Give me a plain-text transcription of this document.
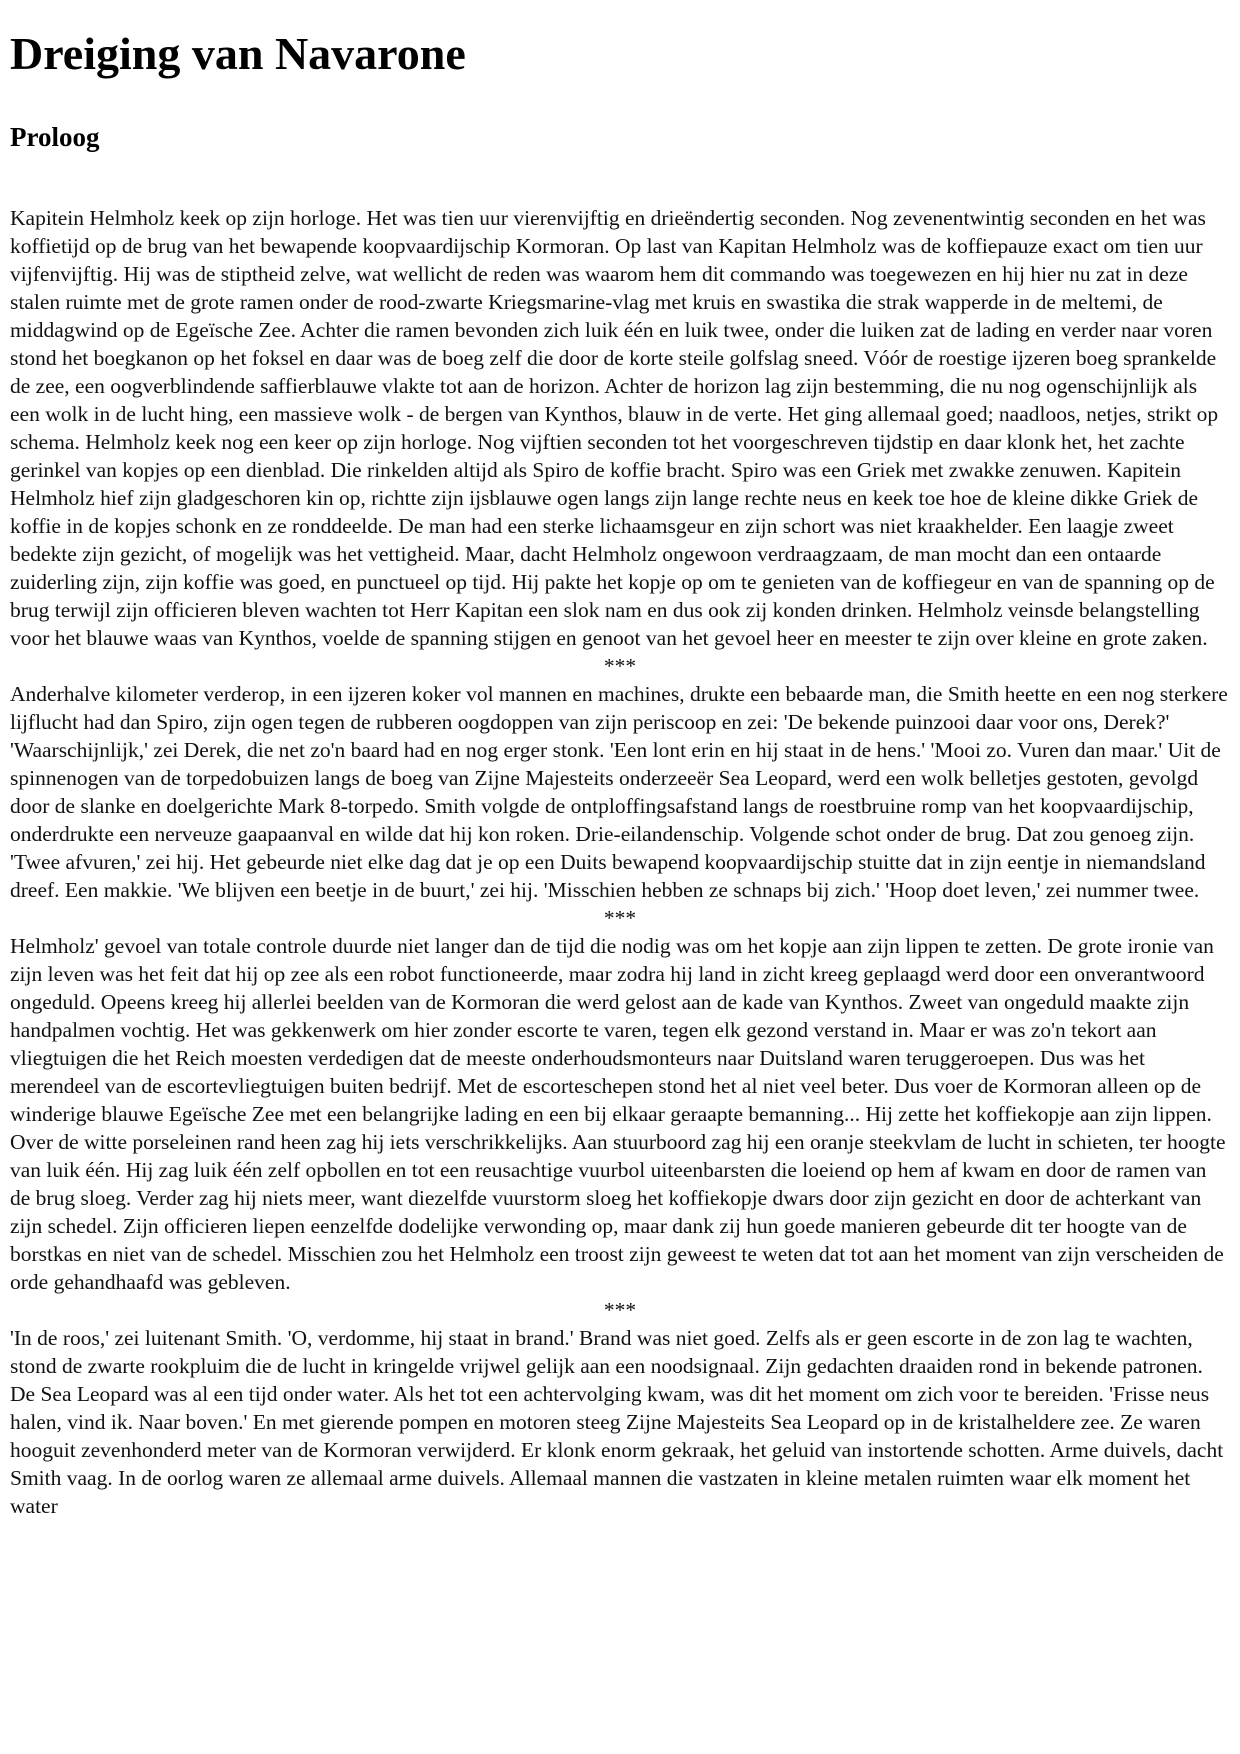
Dreiging van Navarone
Proloog

Kapitein Helmholz keek op zijn horloge. Het was tien uur vierenvijftig en drieëndertig seconden. Nog zevenentwintig seconden en het was koffietijd op de brug van het bewapende koopvaardijschip Kormoran. Op last van Kapitan Helmholz was de koffiepauze exact om tien uur vijfenvijftig. Hij was de stiptheid zelve, wat wellicht de reden was waarom hem dit commando was toegewezen en hij hier nu zat in deze stalen ruimte met de grote ramen onder de rood-zwarte Kriegsmarine-vlag met kruis en swastika die strak wapperde in de meltemi, de middagwind op de Egeïsche Zee. Achter die ramen bevonden zich luik één en luik twee, onder die luiken zat de lading en verder naar voren stond het boegkanon op het foksel en daar was de boeg zelf die door de korte steile golfslag sneed. Vóór de roestige ijzeren boeg sprankelde de zee, een oogverblindende saffierblauwe vlakte tot aan de horizon. Achter de horizon lag zijn bestemming, die nu nog ogenschijnlijk als een wolk in de lucht hing, een massieve wolk - de bergen van Kynthos, blauw in de verte. Het ging allemaal goed; naadloos, netjes, strikt op schema. Helmholz keek nog een keer op zijn horloge. Nog vijftien seconden tot het voorgeschreven tijdstip en daar klonk het, het zachte gerinkel van kopjes op een dienblad. Die rinkelden altijd als Spiro de koffie bracht. Spiro was een Griek met zwakke zenuwen. Kapitein Helmholz hief zijn gladgeschoren kin op, richtte zijn ijsblauwe ogen langs zijn lange rechte neus en keek toe hoe de kleine dikke Griek de koffie in de kopjes schonk en ze ronddeelde. De man had een sterke lichaamsgeur en zijn schort was niet kraakhelder. Een laagje zweet bedekte zijn gezicht, of mogelijk was het vettigheid. Maar, dacht Helmholz ongewoon verdraagzaam, de man mocht dan een ontaarde zuiderling zijn, zijn koffie was goed, en punctueel op tijd. Hij pakte het kopje op om te genieten van de koffiegeur en van de spanning op de brug terwijl zijn officieren bleven wachten tot Herr Kapitan een slok nam en dus ook zij konden drinken. Helmholz veinsde belangstelling voor het blauwe waas van Kynthos, voelde de spanning stijgen en genoot van het gevoel heer en meester te zijn over kleine en grote zaken.

***

Anderhalve kilometer verderop, in een ijzeren koker vol mannen en machines, drukte een bebaarde man, die Smith heette en een nog sterkere lijflucht had dan Spiro, zijn ogen tegen de rubberen oogdoppen van zijn periscoop en zei: 'De bekende puinzooi daar voor ons, Derek?' 'Waarschijnlijk,' zei Derek, die net zo'n baard had en nog erger stonk. 'Een lont erin en hij staat in de hens.' 'Mooi zo. Vuren dan maar.' Uit de spinnenogen van de torpedobuizen langs de boeg van Zijne Majesteits onderzeeër Sea Leopard, werd een wolk belletjes gestoten, gevolgd door de slanke en doelgerichte Mark 8-torpedo. Smith volgde de ontploffingsafstand langs de roestbruine romp van het koopvaardijschip, onderdrukte een nerveuze gaapaanval en wilde dat hij kon roken. Drie-eilandenschip. Volgende schot onder de brug. Dat zou genoeg zijn. 'Twee afvuren,' zei hij. Het gebeurde niet elke dag dat je op een Duits bewapend koopvaardijschip stuitte dat in zijn eentje in niemandsland dreef. Een makkie. 'We blijven een beetje in de buurt,' zei hij. 'Misschien hebben ze schnaps bij zich.' 'Hoop doet leven,' zei nummer twee.

***

Helmholz' gevoel van totale controle duurde niet langer dan de tijd die nodig was om het kopje aan zijn lippen te zetten. De grote ironie van zijn leven was het feit dat hij op zee als een robot functioneerde, maar zodra hij land in zicht kreeg geplaagd werd door een onverantwoord ongeduld. Opeens kreeg hij allerlei beelden van de Kormoran die werd gelost aan de kade van Kynthos. Zweet van ongeduld maakte zijn handpalmen vochtig. Het was gekkenwerk om hier zonder escorte te varen, tegen elk gezond verstand in. Maar er was zo'n tekort aan vliegtuigen die het Reich moesten verdedigen dat de meeste onderhoudsmonteurs naar Duitsland waren teruggeroepen. Dus was het merendeel van de escortevliegtuigen buiten bedrijf. Met de escorteschepen stond het al niet veel beter. Dus voer de Kormoran alleen op de winderige blauwe Egeïsche Zee met een belangrijke lading en een bij elkaar geraapte bemanning... Hij zette het koffiekopje aan zijn lippen. Over de witte porseleinen rand heen zag hij iets verschrikkelijks. Aan stuurboord zag hij een oranje steekvlam de lucht in schieten, ter hoogte van luik één. Hij zag luik één zelf opbollen en tot een reusachtige vuurbol uiteenbarsten die loeiend op hem af kwam en door de ramen van de brug sloeg. Verder zag hij niets meer, want diezelfde vuurstorm sloeg het koffiekopje dwars door zijn gezicht en door de achterkant van zijn schedel. Zijn officieren liepen eenzelfde dodelijke verwonding op, maar dank zij hun goede manieren gebeurde dit ter hoogte van de borstkas en niet van de schedel. Misschien zou het Helmholz een troost zijn geweest te weten dat tot aan het moment van zijn verscheiden de orde gehandhaafd was gebleven.

***

'In de roos,' zei luitenant Smith. 'O, verdomme, hij staat in brand.' Brand was niet goed. Zelfs als er geen escorte in de zon lag te wachten, stond de zwarte rookpluim die de lucht in kringelde vrijwel gelijk aan een noodsignaal. Zijn gedachten draaiden rond in bekende patronen. De Sea Leopard was al een tijd onder water. Als het tot een achtervolging kwam, was dit het moment om zich voor te bereiden. 'Frisse neus halen, vind ik. Naar boven.' En met gierende pompen en motoren steeg Zijne Majesteits Sea Leopard op in de kristalheldere zee. Ze waren hooguit zevenhonderd meter van de Kormoran verwijderd. Er klonk enorm gekraak, het geluid van instortende schotten. Arme duivels, dacht Smith vaag. In de oorlog waren ze allemaal arme duivels. Allemaal mannen die vastzaten in kleine metalen ruimten waar elk moment het water
